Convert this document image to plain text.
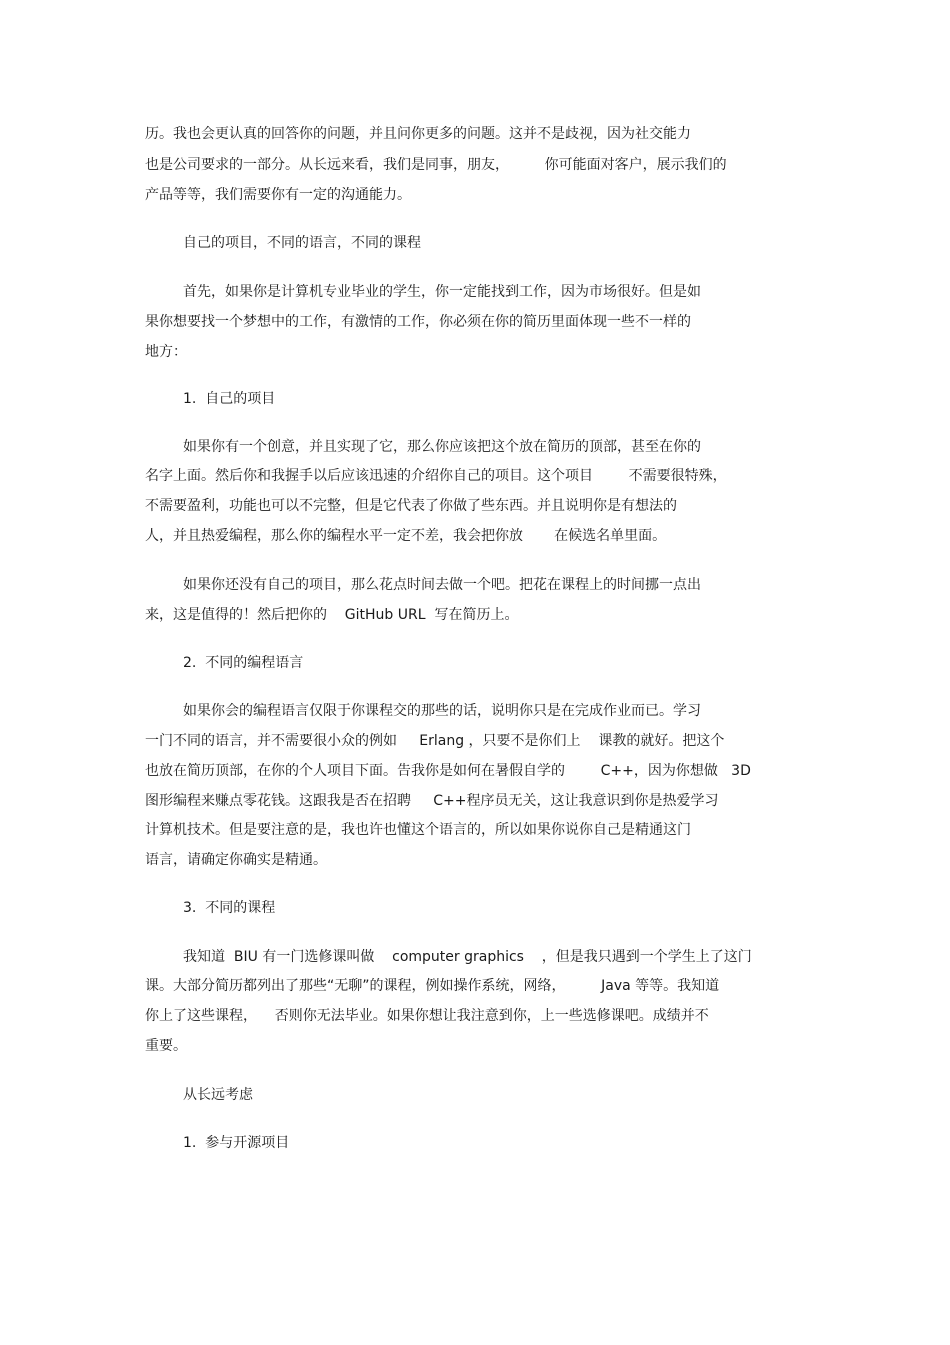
历。我也会更认真的回答你的问题，并且问你更多的问题。这并不是歧视，因为社交能力

也是公司要求的一部分。从长远来看，我们是同事，朋友，        你可能面对客户，展示我们的

产品等等，我们需要你有一定的沟通能力。

自己的项目，不同的语言，不同的课程

首先，如果你是计算机专业毕业的学生，你一定能找到工作，因为市场很好。但是如

果你想要找一个梦想中的工作，有激情的工作，你必须在你的简历里面体现一些不一样的

地方：

1.  自己的项目

如果你有一个创意，并且实现了它，那么你应该把这个放在简历的顶部，甚至在你的

名字上面。然后你和我握手以后应该迅速的介绍你自己的项目。这个项目        不需要很特殊，

不需要盈利，功能也可以不完整，但是它代表了你做了些东西。并且说明你是有想法的

人，并且热爱编程，那么你的编程水平一定不差，我会把你放       在候选名单里面。

如果你还没有自己的项目，那么花点时间去做一个吧。把花在课程上的时间挪一点出

来，这是值得的！然后把你的    GitHub URL  写在简历上。

2.  不同的编程语言

如果你会的编程语言仅限于你课程交的那些的话，说明你只是在完成作业而已。学习

一门不同的语言，并不需要很小众的例如     Erlang ，只要不是你们上    课教的就好。把这个

也放在简历顶部，在你的个人项目下面。告我你是如何在暑假自学的        C++，因为你想做   3D

图形编程来赚点零花钱。这跟我是否在招聘     C++程序员无关，这让我意识到你是热爱学习

计算机技术。但是要注意的是，我也许也懂这个语言的，所以如果你说你自己是精通这门

语言，请确定你确实是精通。

3.  不同的课程

我知道  BIU 有一门选修课叫做    computer graphics    ，但是我只遇到一个学生上了这门

课。大部分简历都列出了那些“无聊”的课程，例如操作系统，网络，        Java 等等。我知道

你上了这些课程，    否则你无法毕业。如果你想让我注意到你，上一些选修课吧。成绩并不

重要。

从长远考虑

1.  参与开源项目
